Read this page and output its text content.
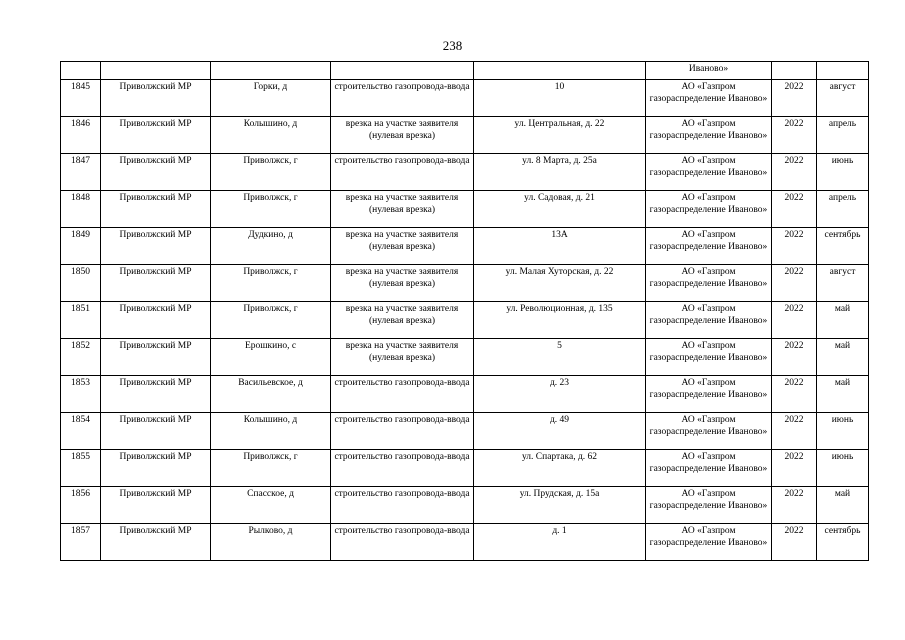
238
					Иваново»		
1845	Приволжский МР	Горки, д	строительство газопровода-ввода	10	АО «Газпром газораспределение Иваново»	2022	август
1846	Приволжский МР	Колышино, д	врезка на участке заявителя (нулевая врезка)	ул. Центральная, д. 22	АО «Газпром газораспределение Иваново»	2022	апрель
1847	Приволжский МР	Приволжск, г	строительство газопровода-ввода	ул. 8 Марта, д. 25а	АО «Газпром газораспределение Иваново»	2022	июнь
1848	Приволжский МР	Приволжск, г	врезка на участке заявителя (нулевая врезка)	ул. Садовая, д. 21	АО «Газпром газораспределение Иваново»	2022	апрель
1849	Приволжский МР	Дудкино, д	врезка на участке заявителя (нулевая врезка)	13А	АО «Газпром газораспределение Иваново»	2022	сентябрь
1850	Приволжский МР	Приволжск, г	врезка на участке заявителя (нулевая врезка)	ул. Малая Хуторская, д. 22	АО «Газпром газораспределение Иваново»	2022	август
1851	Приволжский МР	Приволжск, г	врезка на участке заявителя (нулевая врезка)	ул. Революционная, д. 135	АО «Газпром газораспределение Иваново»	2022	май
1852	Приволжский МР	Ерошкино, с	врезка на участке заявителя (нулевая врезка)	5	АО «Газпром газораспределение Иваново»	2022	май
1853	Приволжский МР	Васильевское, д	строительство газопровода-ввода	д. 23	АО «Газпром газораспределение Иваново»	2022	май
1854	Приволжский МР	Колышино, д	строительство газопровода-ввода	д. 49	АО «Газпром газораспределение Иваново»	2022	июнь
1855	Приволжский МР	Приволжск, г	строительство газопровода-ввода	ул. Спартака, д. 62	АО «Газпром газораспределение Иваново»	2022	июнь
1856	Приволжский МР	Спасское, д	строительство газопровода-ввода	ул. Прудская, д. 15а	АО «Газпром газораспределение Иваново»	2022	май
1857	Приволжский МР	Рылково, д	строительство газопровода-ввода	д. 1	АО «Газпром газораспределение Иваново»	2022	сентябрь
